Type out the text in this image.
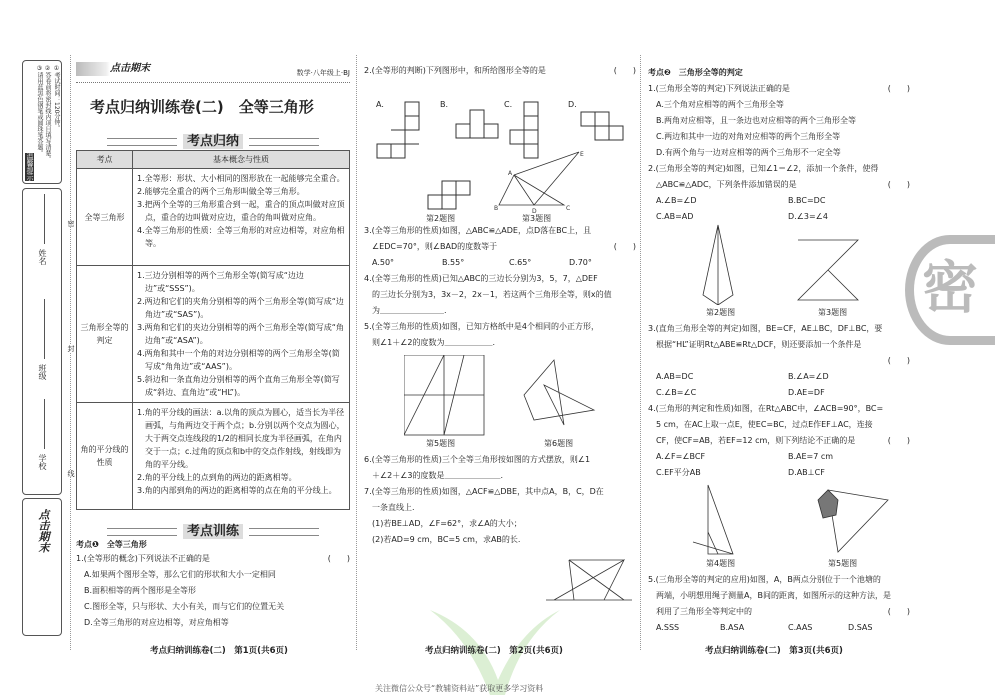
关注微信公众号“教辅资料站”获取更多学习资料
温馨提示
①考试时间：120分钟。
②答卷前将密封线内项目填写清楚。
③请用蓝黑色钢笔或圆珠笔答题。
姓名
班级
学校
点击期末
密
封
线
密
点击期末	数学·八年级上·BJ
考点归纳训练卷(二)　全等三角形
考点归纳
考点	基本概念与性质
全等三角形	1.全等形：形状、大小相同的图形放在一起能够完全重合。
2.能够完全重合的两个三角形叫做全等三角形。
3.把两个全等的三角形重合到一起，重合的顶点叫做对应顶点，重合的边叫做对应边，重合的角叫做对应角。
4.全等三角形的性质：全等三角形的对应边相等，对应角相等。

三角形全等的判定	1.三边分别相等的两个三角形全等(简写成“边边边”或“SSS”)。
2.两边和它们的夹角分别相等的两个三角形全等(简写成“边角边”或“SAS”)。
3.两角和它们的夹边分别相等的两个三角形全等(简写成“角边角”或“ASA”)。
4.两角和其中一个角的对边分别相等的两个三角形全等(简写成“角角边”或“AAS”)。
5.斜边和一条直角边分别相等的两个直角三角形全等(简写成“斜边、直角边”或“HL”)。

角的平分线的性质	1.角的平分线的画法：a.以角的顶点为圆心，适当长为半径画弧，与角两边交于两个点；b.分别以两个交点为圆心，大于两交点连线段的1/2的相同长度为半径画弧，在角内交于一点；c.过角的顶点和b中的交点作射线，射线即为角的平分线。
2.角的平分线上的点到角的两边的距离相等。
3.角的内部到角的两边的距离相等的点在角的平分线上。
考点训练
考点❶　全等三角形
1.(全等形的概念)下列说法不正确的是	(　　)
A.如果两个图形全等，那么它们的形状和大小一定相同
B.面积相等的两个图形是全等形
C.图形全等，只与形状、大小有关，而与它们的位置无关
D.全等三角形的对应边相等，对应角相等
考点归纳训练卷(二)　第1页(共6页)
2.(全等形的判断)下列图形中，和所给图形全等的是	(　　)
A.	B.	C.	D.
E
A
B	D	C
第2题图	第3题图
3.(全等三角形的性质)如图，△ABC≌△ADE，点D落在BC上，且
∠EDC=70°，则∠BAD的度数等于	(　　)
A.50°	B.55°	C.65°	D.70°
4.(全等三角形的性质)已知△ABC的三边长分别为3，5，7，△DEF
的三边长分别为3，3x－2，2x－1，若这两个三角形全等，则x的值
为＿＿＿＿＿＿＿＿.
5.(全等三角形的性质)如图，已知方格纸中是4个相同的小正方形，
则∠1＋∠2的度数为＿＿＿＿＿＿.
第5题图	第6题图
6.(全等三角形的性质)三个全等三角形按如图的方式摆放，则∠1
＋∠2＋∠3的度数是＿＿＿＿＿＿＿.
7.(全等三角形的性质)如图，△ACF≌△DBE，其中点A，B，C，D在
一条直线上.
(1)若BE⊥AD，∠F=62°，求∠A的大小；
(2)若AD=9 cm，BC=5 cm，求AB的长.
考点归纳训练卷(二)　第2页(共6页)
考点❷　三角形全等的判定
1.(三角形全等的判定)下列说法正确的是	(　　)
A.三个角对应相等的两个三角形全等
B.两角对应相等，且一条边也对应相等的两个三角形全等
C.两边和其中一边的对角对应相等的两个三角形全等
D.有两个角与一边对应相等的两个三角形不一定全等
2.(三角形全等的判定)如图，已知∠1＝∠2，添加一个条件，使得
△ABC≌△ADC，下列条件添加错误的是	(　　)
A.∠B=∠D	B.BC=DC
C.AB=AD	D.∠3=∠4
第2题图	第3题图
3.(直角三角形全等的判定)如图，BE=CF，AE⊥BC，DF⊥BC，要
根据“HL”证明Rt△ABE≌Rt△DCF，则还要添加一个条件是
(　　)
A.AB=DC	B.∠A=∠D
C.∠B=∠C	D.AE=DF
4.(三角形的判定和性质)如图，在Rt△ABC中，∠ACB=90°，BC=
5 cm，在AC上取一点E，使EC=BC，过点E作EF⊥AC，连接
CF，使CF=AB，若EF=12 cm，则下列结论不正确的是	(　　)
A.∠F=∠BCF	B.AE=7 cm
C.EF平分AB	D.AB⊥CF
第4题图	第5题图
5.(三角形全等的判定的应用)如图，A，B两点分别位于一个池塘的
两端，小明想用绳子测量A，B间的距离，如图所示的这种方法，是
利用了三角形全等判定中的	(　　)
A.SSS	B.ASA	C.AAS	D.SAS
考点归纳训练卷(二)　第3页(共6页)
